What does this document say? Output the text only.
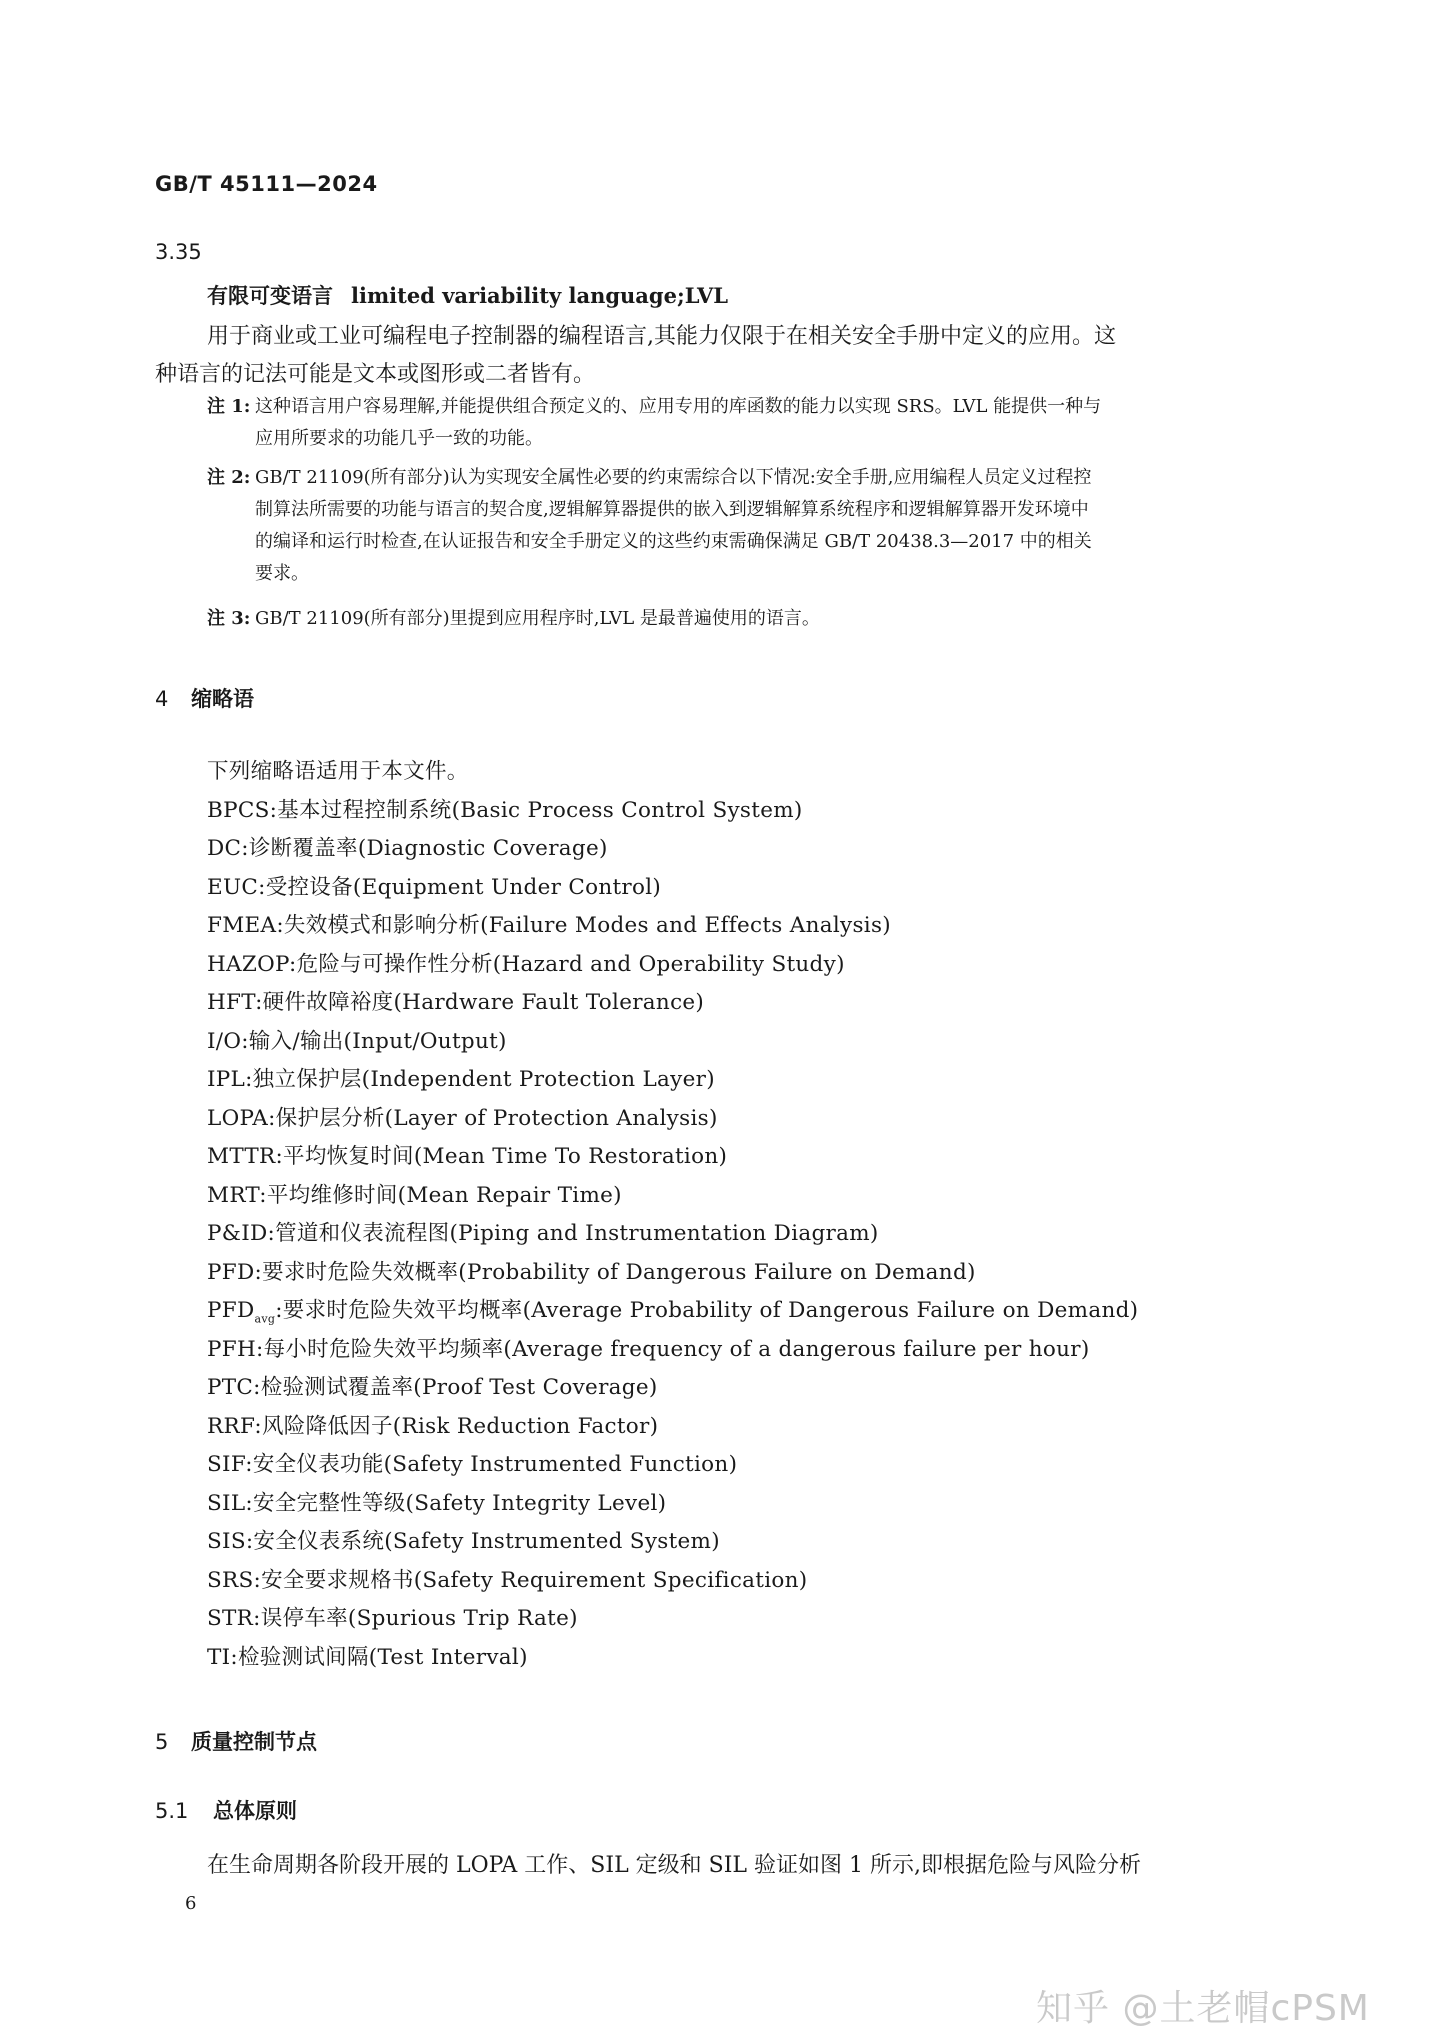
GB/T 45111—2024
3.35
有限可变语言 limited variability language;LVL
用于商业或工业可编程电子控制器的编程语言,其能力仅限于在相关安全手册中定义的应用。这
种语言的记法可能是文本或图形或二者皆有。
注 1: 这种语言用户容易理解,并能提供组合预定义的、应用专用的库函数的能力以实现 SRS。LVL 能提供一种与
应用所要求的功能几乎一致的功能。
注 2: GB/T 21109(所有部分)认为实现安全属性必要的约束需综合以下情况:安全手册,应用编程人员定义过程控
制算法所需要的功能与语言的契合度,逻辑解算器提供的嵌入到逻辑解算系统程序和逻辑解算器开发环境中
的编译和运行时检查,在认证报告和安全手册定义的这些约束需确保满足 GB/T 20438.3—2017 中的相关
要求。
注 3: GB/T 21109(所有部分)里提到应用程序时,LVL 是最普遍使用的语言。
4 缩略语
下列缩略语适用于本文件。
BPCS:基本过程控制系统(Basic Process Control System)
DC:诊断覆盖率(Diagnostic Coverage)
EUC:受控设备(Equipment Under Control)
FMEA:失效模式和影响分析(Failure Modes and Effects Analysis)
HAZOP:危险与可操作性分析(Hazard and Operability Study)
HFT:硬件故障裕度(Hardware Fault Tolerance)
I/O:输入/输出(Input/Output)
IPL:独立保护层(Independent Protection Layer)
LOPA:保护层分析(Layer of Protection Analysis)
MTTR:平均恢复时间(Mean Time To Restoration)
MRT:平均维修时间(Mean Repair Time)
P&ID:管道和仪表流程图(Piping and Instrumentation Diagram)
PFD:要求时危险失效概率(Probability of Dangerous Failure on Demand)
$PFD_{avg}$:要求时危险失效平均概率(Average Probability of Dangerous Failure on Demand)
PFH:每小时危险失效平均频率(Average frequency of a dangerous failure per hour)
PTC:检验测试覆盖率(Proof Test Coverage)
RRF:风险降低因子(Risk Reduction Factor)
SIF:安全仪表功能(Safety Instrumented Function)
SIL:安全完整性等级(Safety Integrity Level)
SIS:安全仪表系统(Safety Instrumented System)
SRS:安全要求规格书(Safety Requirement Specification)
STR:误停车率(Spurious Trip Rate)
TI:检验测试间隔(Test Interval)
5 质量控制节点
5.1 总体原则
在生命周期各阶段开展的 LOPA 工作、SIL 定级和 SIL 验证如图 1 所示,即根据危险与风险分析
6
知乎 @土老帽cPSM
